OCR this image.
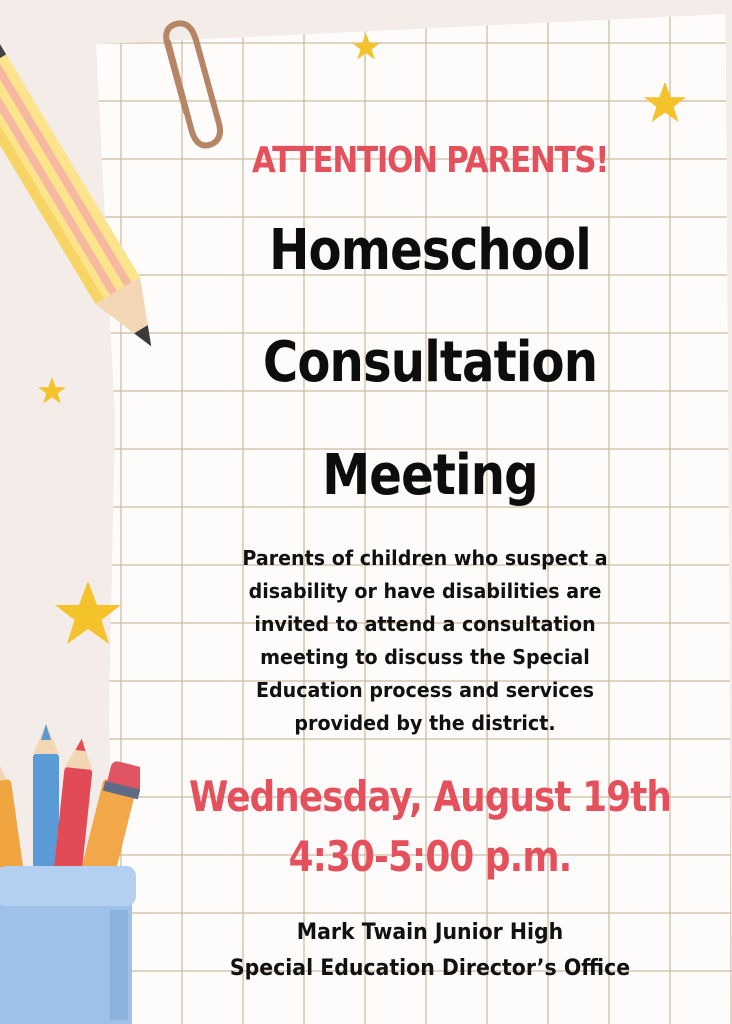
ATTENTION PARENTS!
Homeschool
Consultation
Meeting
Parents of children who suspect a disability or have disabilities are invited to attend a consultation meeting to discuss the Special Education process and services provided by the district.
Wednesday, August 19th
4:30-5:00 p.m.
Mark Twain Junior High
Special Education Director’s Office
